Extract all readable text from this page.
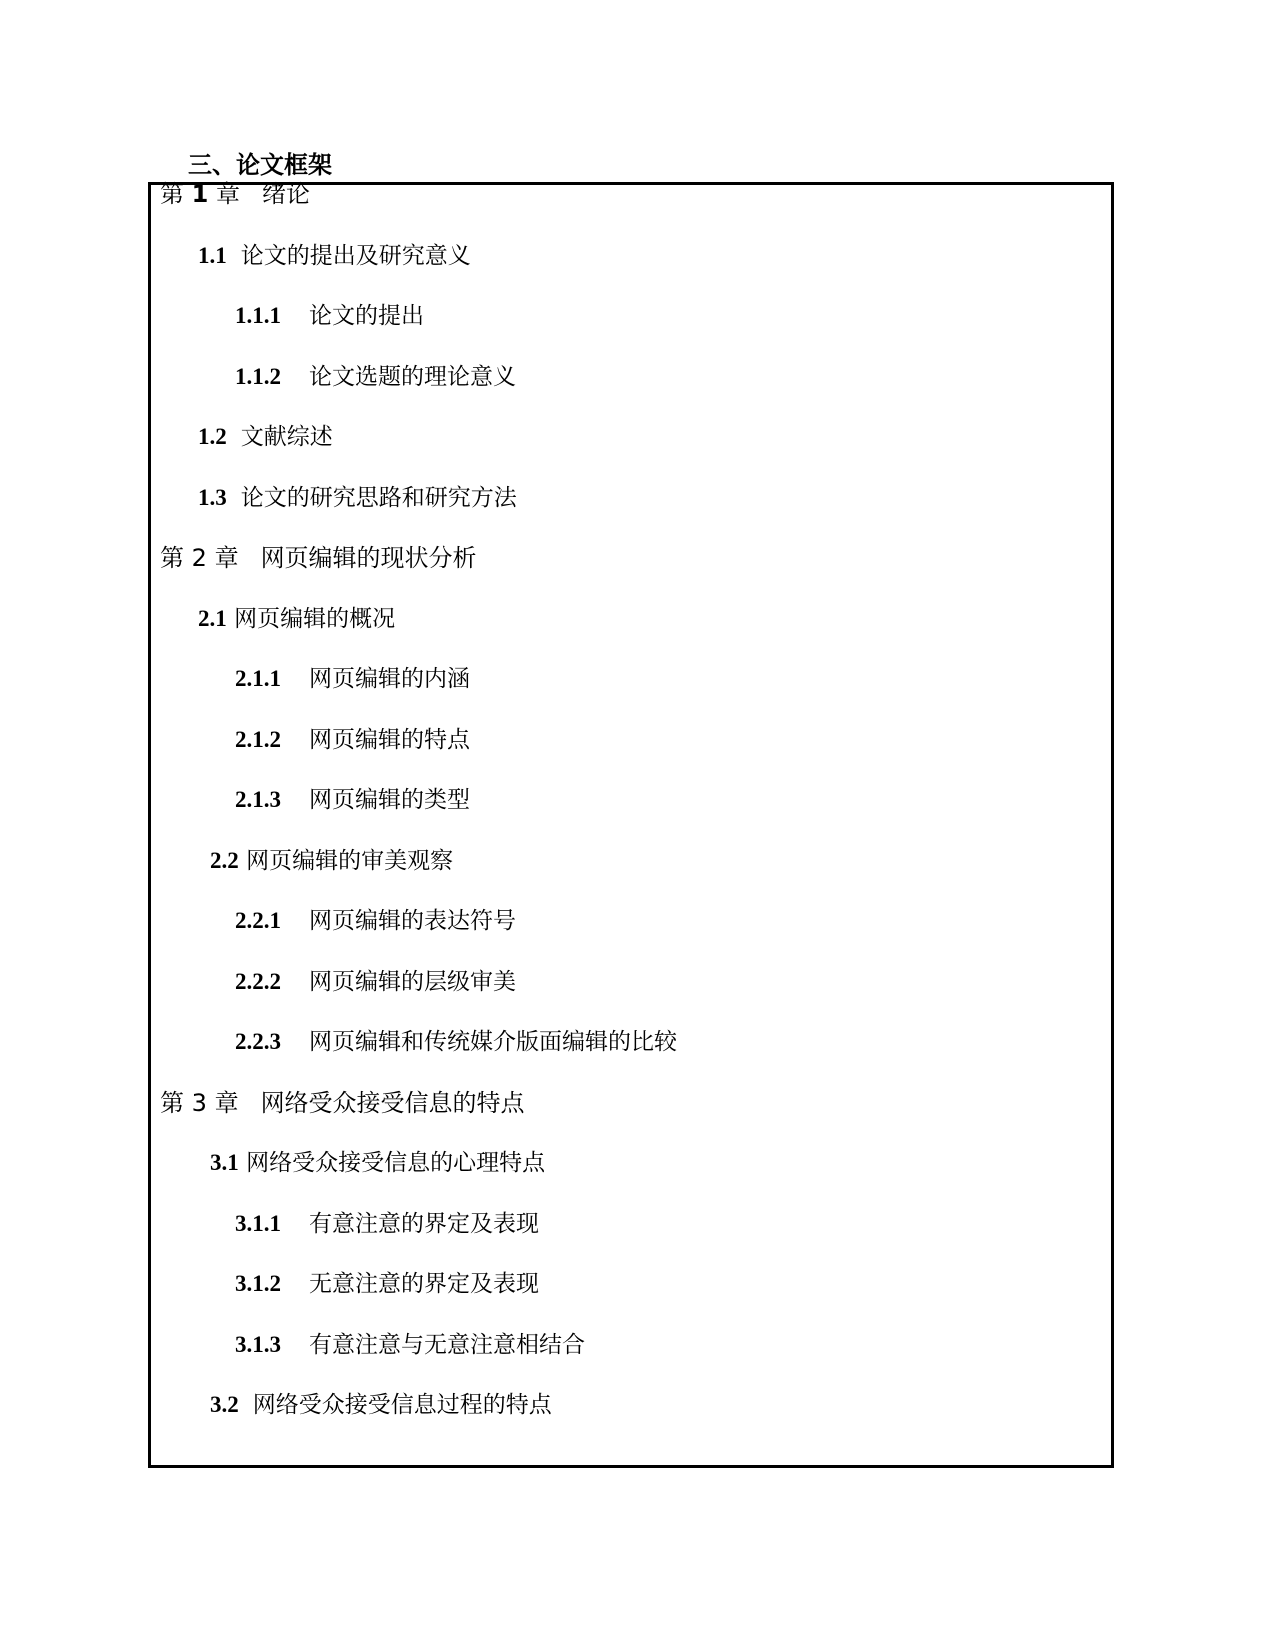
三、论文框架
第 1 章 绪论
1.1 论文的提出及研究意义
1.1.1 论文的提出
1.1.2 论文选题的理论意义
1.2 文献综述
1.3 论文的研究思路和研究方法
第 2 章 网页编辑的现状分析
2.1 网页编辑的概况
2.1.1 网页编辑的内涵
2.1.2 网页编辑的特点
2.1.3 网页编辑的类型
2.2 网页编辑的审美观察
2.2.1 网页编辑的表达符号
2.2.2 网页编辑的层级审美
2.2.3 网页编辑和传统媒介版面编辑的比较
第 3 章 网络受众接受信息的特点
3.1 网络受众接受信息的心理特点
3.1.1 有意注意的界定及表现
3.1.2 无意注意的界定及表现
3.1.3 有意注意与无意注意相结合
3.2 网络受众接受信息过程的特点
